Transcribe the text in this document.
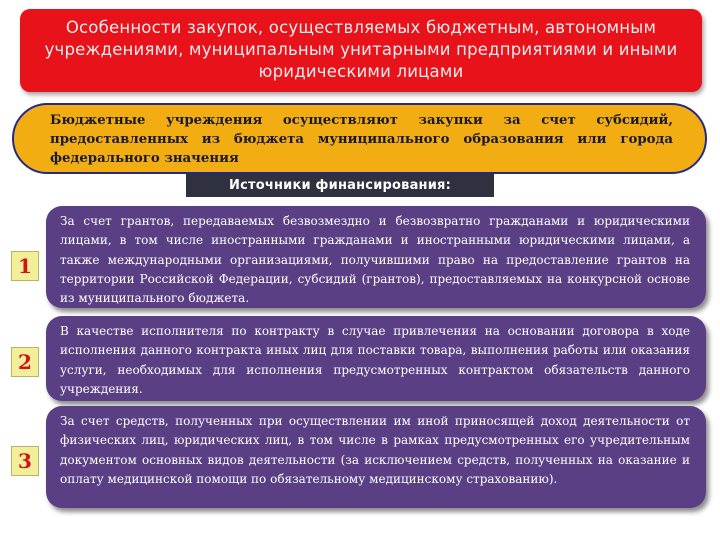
Особенности закупок, осуществляемых бюджетным, автономным учреждениями, муниципальным унитарными предприятиями и иными юридическими лицами
Бюджетные учреждения осуществляют закупки за счет субсидий, предоставленных из бюджета муниципального образования или города федерального значения
Источники финансирования:
1
За счет грантов, передаваемых безвозмездно и безвозвратно гражданами и юридическими лицами, в том числе иностранными гражданами и иностранными юридическими лицами, а также международными организациями, получившими право на предоставление грантов на территории Российской Федерации, субсидий (грантов), предоставляемых на конкурсной основе из муниципального бюджета.
2
В качестве исполнителя по контракту в случае привлечения на основании договора в ходе исполнения данного контракта иных лиц для поставки товара, выполнения работы или оказания услуги, необходимых для исполнения предусмотренных контрактом обязательств данного учреждения.
3
За счет средств, полученных при осуществлении им иной приносящей доход деятельности от физических лиц, юридических лиц, в том числе в рамках предусмотренных его учредительным документом основных видов деятельности (за исключением средств, полученных на оказание и оплату медицинской помощи по обязательному медицинскому страхованию).
